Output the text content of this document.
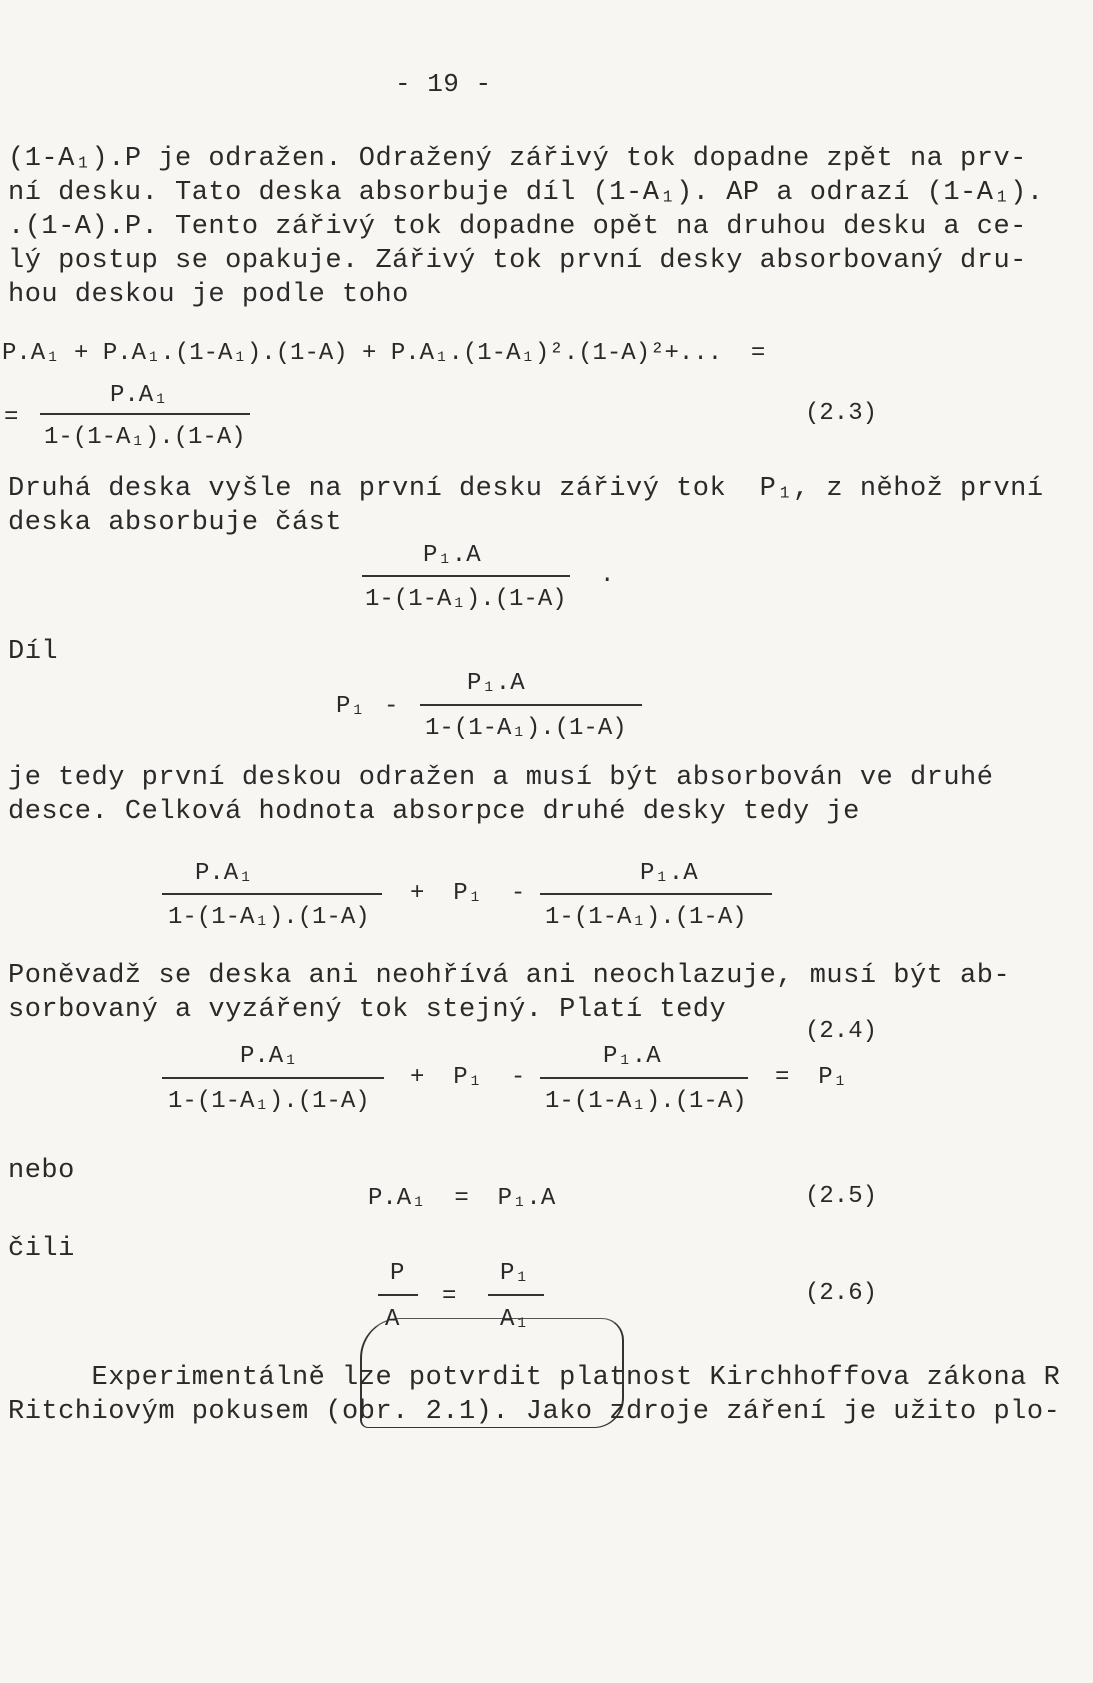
- 19 -
(1-A₁).P je odražen. Odražený zářivý tok dopadne zpět na prv-
ní desku. Tato deska absorbuje díl (1-A₁). AP a odrazí (1-A₁).
.(1-A).P. Tento zářivý tok dopadne opět na druhou desku a ce-
lý postup se opakuje. Zářivý tok první desky absorbovaný dru-
hou deskou je podle toho
P.A₁ + P.A₁.(1-A₁).(1-A) + P.A₁.(1-A₁)².(1-A)²+...  =
=
P.A₁
1-(1-A₁).(1-A)
(2.3)
Druhá deska vyšle na první desku zářivý tok  P₁, z něhož první
deska absorbuje část
P₁.A
1-(1-A₁).(1-A)
.
Díl
P₁ -
P₁.A
1-(1-A₁).(1-A)
je tedy první deskou odražen a musí být absorbován ve druhé
desce. Celková hodnota absorpce druhé desky tedy je
P.A₁
1-(1-A₁).(1-A)
+  P₁  -
P₁.A
1-(1-A₁).(1-A)
Poněvadž se deska ani neohřívá ani neochlazuje, musí být ab-
sorbovaný a vyzářený tok stejný. Platí tedy
(2.4)
P.A₁
1-(1-A₁).(1-A)
+  P₁  -
P₁.A
1-(1-A₁).(1-A)
=  P₁
nebo
P.A₁  =  P₁.A	(2.5)
čili
P
A
=
P₁
A₁
(2.6)
Experimentálně lze potvrdit platnost Kirchhoffova zákona R
Ritchiovým pokusem (obr. 2.1). Jako zdroje záření je užito plo-
